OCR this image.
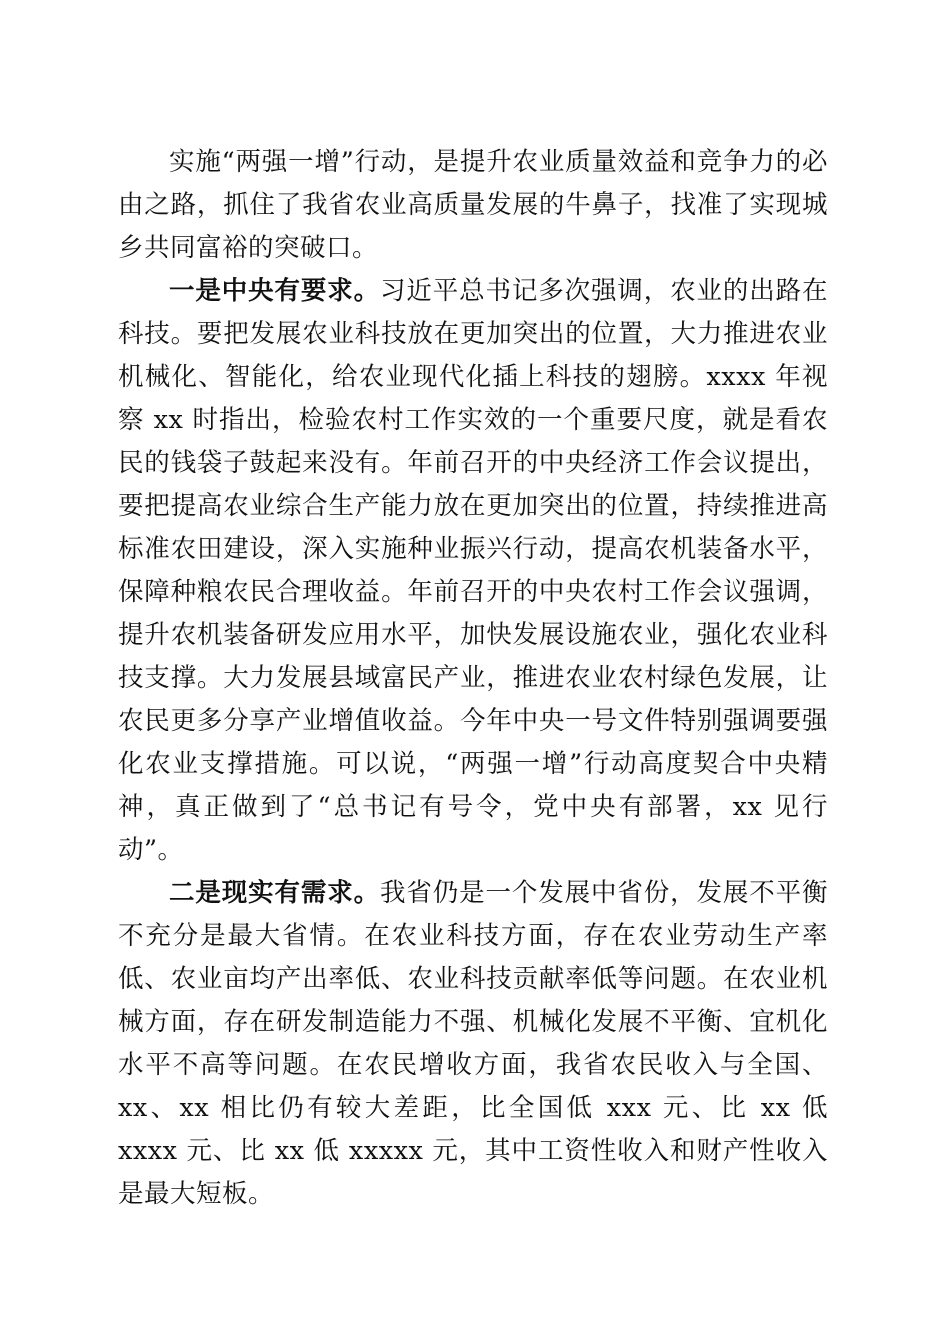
实施“两强一增”行动，是提升农业质量效益和竞争力的必由之路，抓住了我省农业高质量发展的牛鼻子，找准了实现城乡共同富裕的突破口。

一是中央有要求。习近平总书记多次强调，农业的出路在科技。要把发展农业科技放在更加突出的位置，大力推进农业机械化、智能化，给农业现代化插上科技的翅膀。xxxx 年视察 xx 时指出，检验农村工作实效的一个重要尺度，就是看农民的钱袋子鼓起来没有。年前召开的中央经济工作会议提出，要把提高农业综合生产能力放在更加突出的位置，持续推进高标准农田建设，深入实施种业振兴行动，提高农机装备水平，保障种粮农民合理收益。年前召开的中央农村工作会议强调，提升农机装备研发应用水平，加快发展设施农业，强化农业科技支撑。大力发展县域富民产业，推进农业农村绿色发展，让农民更多分享产业增值收益。今年中央一号文件特别强调要强化农业支撑措施。可以说，“两强一增”行动高度契合中央精神，真正做到了“总书记有号令，党中央有部署，xx 见行动”。

二是现实有需求。我省仍是一个发展中省份，发展不平衡不充分是最大省情。在农业科技方面，存在农业劳动生产率低、农业亩均产出率低、农业科技贡献率低等问题。在农业机械方面，存在研发制造能力不强、机械化发展不平衡、宜机化水平不高等问题。在农民增收方面，我省农民收入与全国、xx、xx 相比仍有较大差距，比全国低 xxx 元、比 xx 低 xxxx 元、比 xx 低 xxxxx 元，其中工资性收入和财产性收入是最大短板。
